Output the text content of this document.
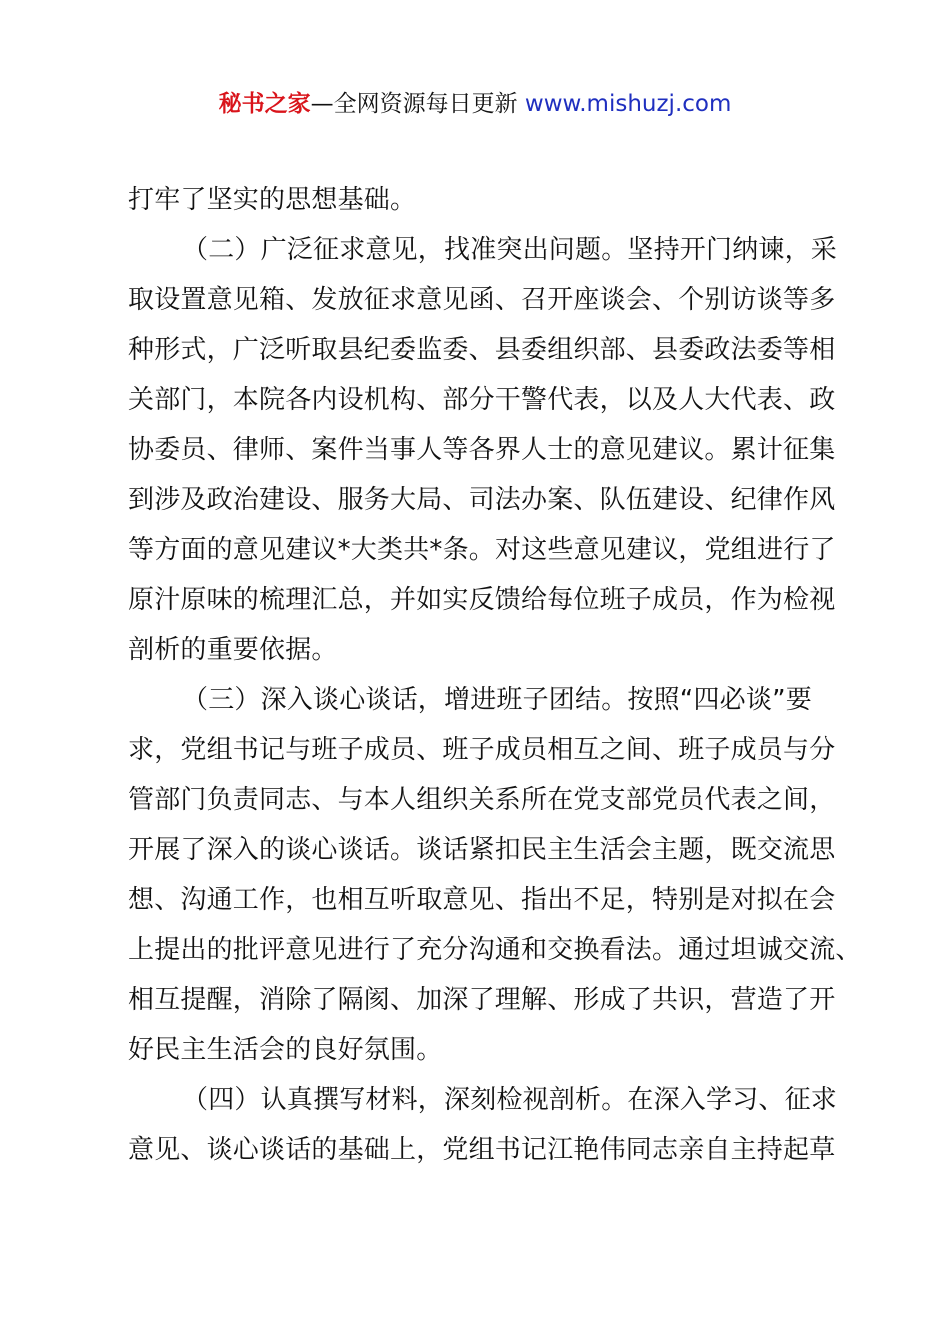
秘书之家—全网资源每日更新 www.mishuzj.com
打牢了坚实的思想基础。
（二）广泛征求意见，找准突出问题。坚持开门纳谏，采
取设置意见箱、发放征求意见函、召开座谈会、个别访谈等多
种形式，广泛听取县纪委监委、县委组织部、县委政法委等相
关部门，本院各内设机构、部分干警代表，以及人大代表、政
协委员、律师、案件当事人等各界人士的意见建议。累计征集
到涉及政治建设、服务大局、司法办案、队伍建设、纪律作风
等方面的意见建议*大类共*条。对这些意见建议，党组进行了
原汁原味的梳理汇总，并如实反馈给每位班子成员，作为检视
剖析的重要依据。
（三）深入谈心谈话，增进班子团结。按照“四必谈”要
求，党组书记与班子成员、班子成员相互之间、班子成员与分
管部门负责同志、与本人组织关系所在党支部党员代表之间，
开展了深入的谈心谈话。谈话紧扣民主生活会主题，既交流思
想、沟通工作，也相互听取意见、指出不足，特别是对拟在会
上提出的批评意见进行了充分沟通和交换看法。通过坦诚交流、
相互提醒，消除了隔阂、加深了理解、形成了共识，营造了开
好民主生活会的良好氛围。
（四）认真撰写材料，深刻检视剖析。在深入学习、征求
意见、谈心谈话的基础上，党组书记江艳伟同志亲自主持起草
